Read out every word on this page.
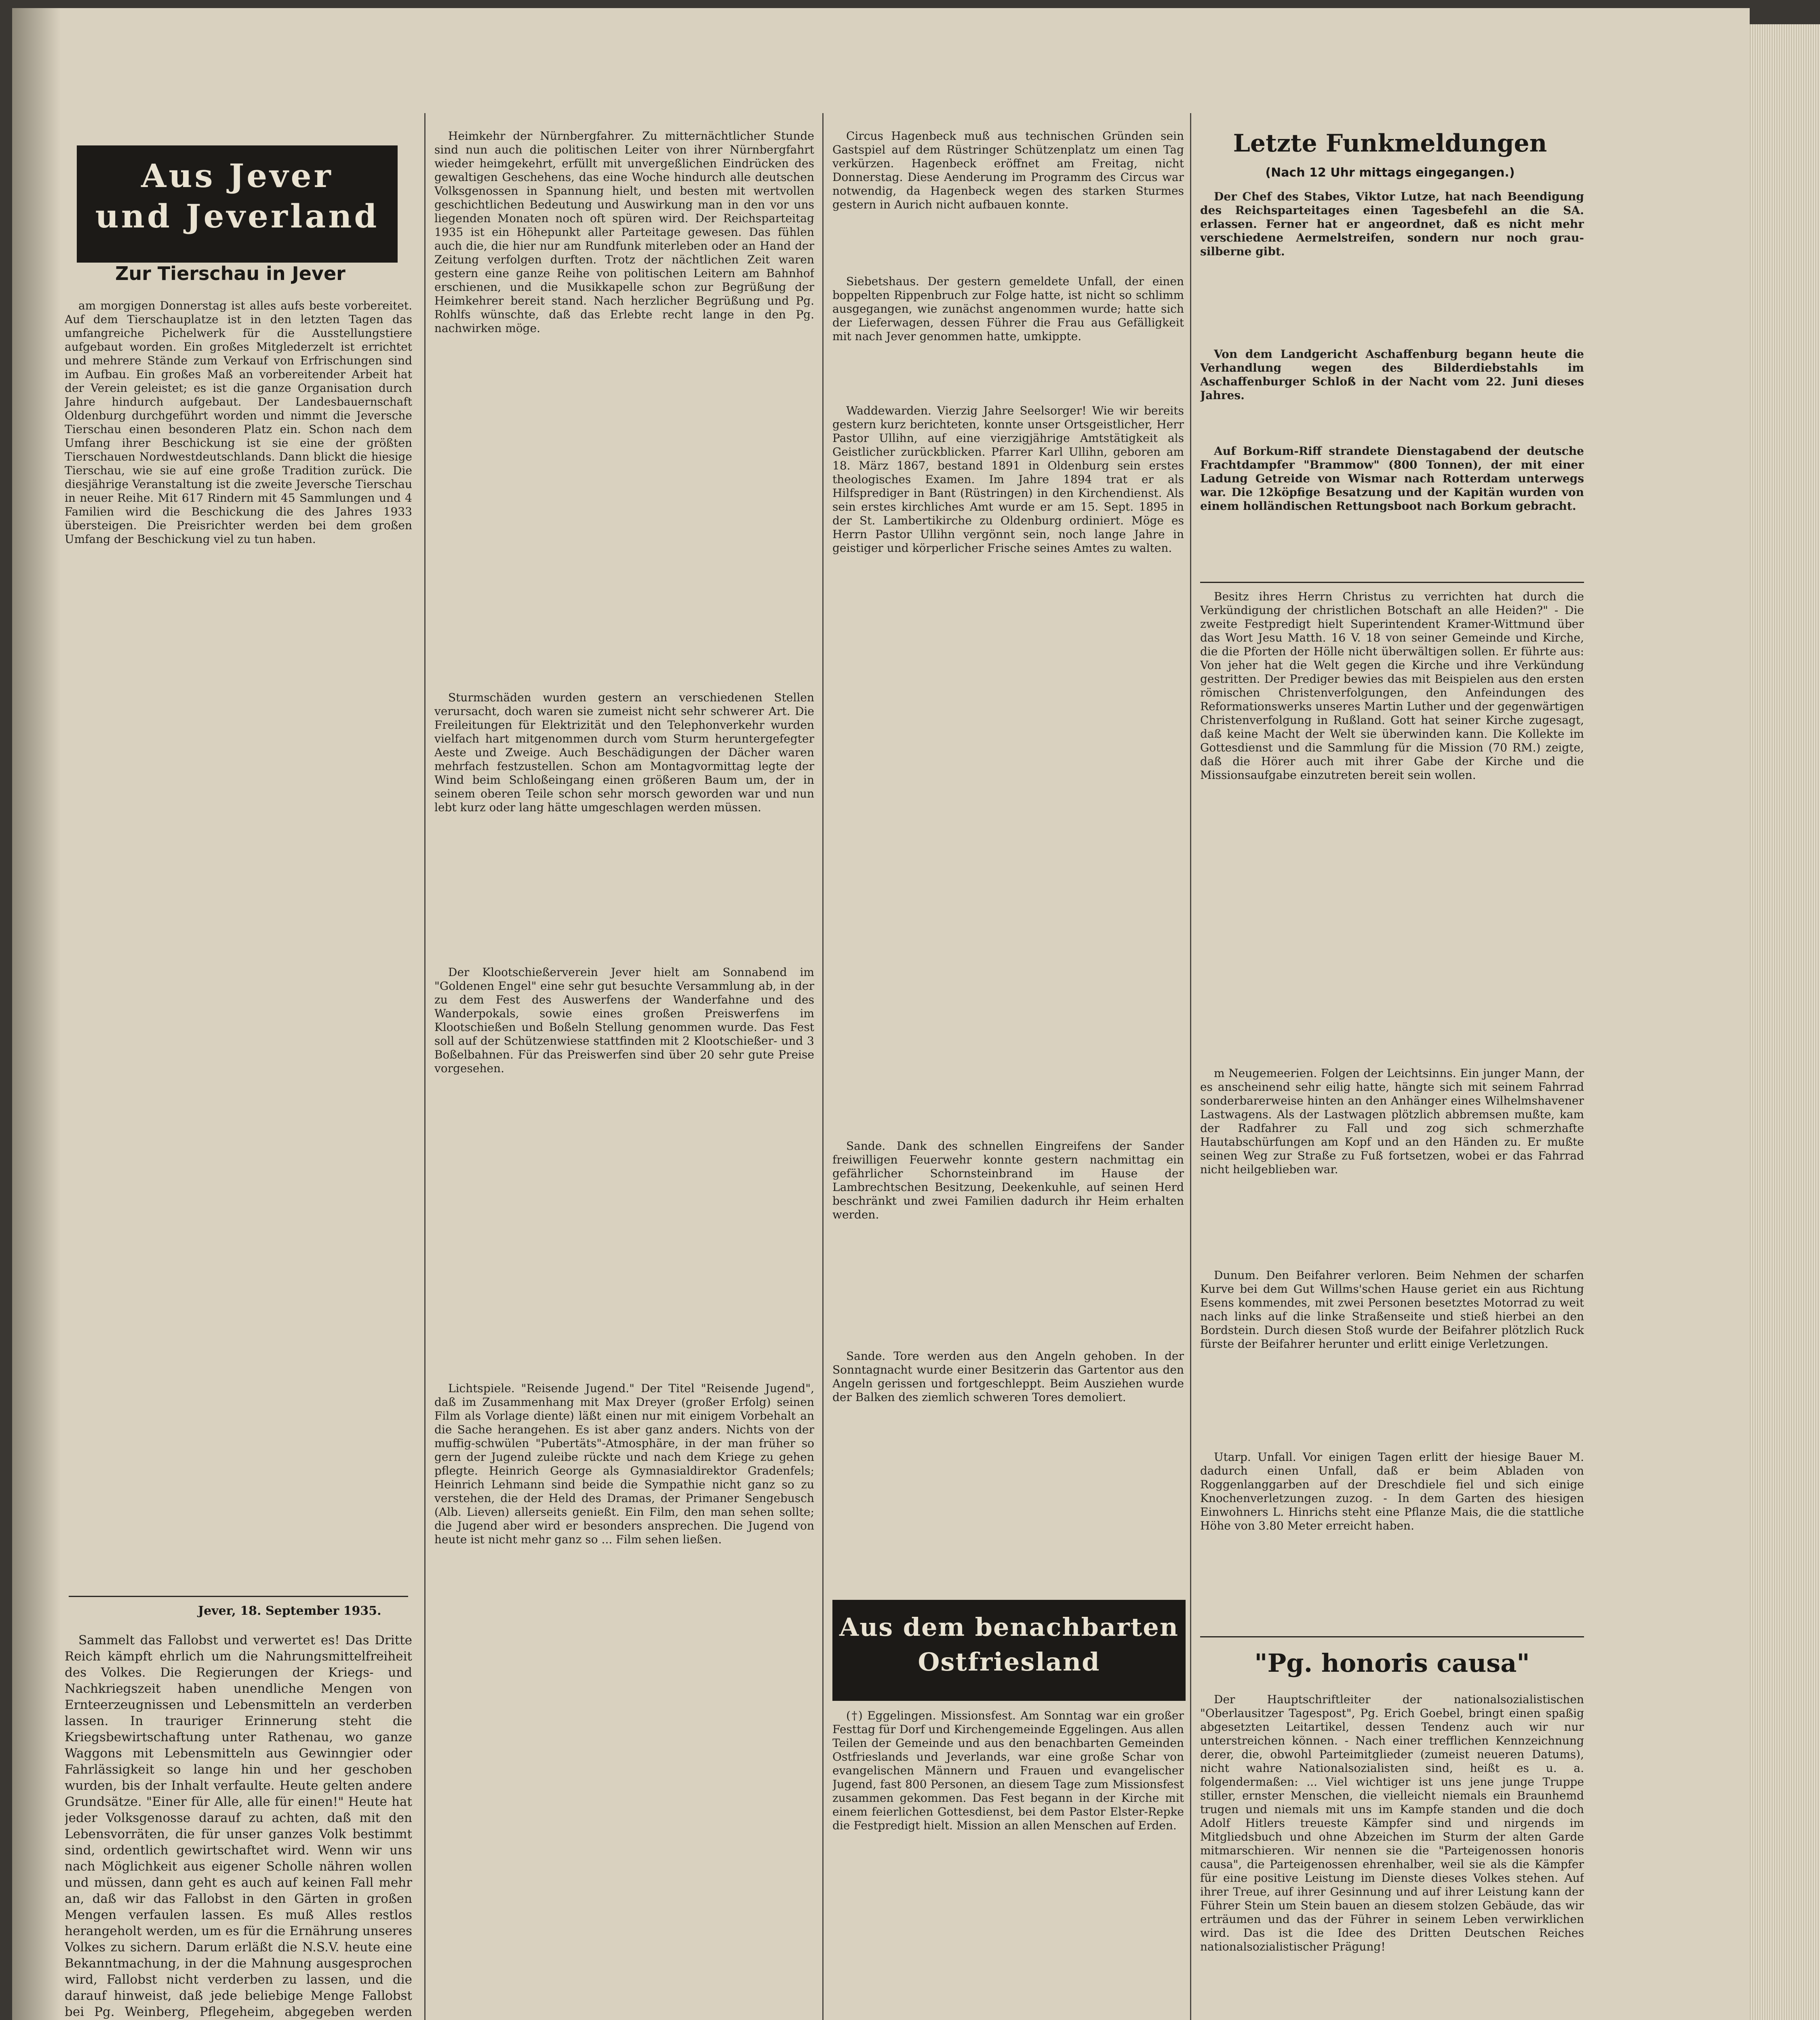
Aus Jever
und Jeverland
Zur Tierschau in Jever

am morgigen Donnerstag ist alles aufs beste vorbereitet. Auf dem Tierschauplatze ist in den letzten Tagen das umfangreiche Pichelwerk für die Ausstellungstiere aufgebaut worden. Ein großes Mitglederzelt ist errichtet und mehrere Stände zum Verkauf von Erfrischungen sind im Aufbau. Ein großes Maß an vorbereitender Arbeit hat der Verein geleistet; es ist die ganze Organisation durch Jahre hindurch aufgebaut. Der Landesbauernschaft Oldenburg durchgeführt worden und nimmt die Jeversche Tierschau einen besonderen Platz ein. Schon nach dem Umfang ihrer Beschickung ist sie eine der größten Tierschauen Nordwestdeutschlands. Dann blickt die hiesige Tierschau, wie sie auf eine große Tradition zurück. Die diesjährige Veranstaltung ist die zweite Jeversche Tierschau in neuer Reihe. Mit 617 Rindern mit 45 Sammlungen und 4 Familien wird die Beschickung die des Jahres 1933 übersteigen. Die Preisrichter werden bei dem großen Umfang der Beschickung viel zu tun haben.

Jever, 18. September 1935.

Sammelt das Fallobst und verwertet es! Das Dritte Reich kämpft ehrlich um die Nahrungsmittelfreiheit des Volkes. Die Regierungen der Kriegs- und Nachkriegszeit haben unendliche Mengen von Ernteerzeugnissen und Lebensmitteln an verderben lassen. In trauriger Erinnerung steht die Kriegsbewirtschaftung unter Rathenau, wo ganze Waggons mit Lebensmitteln aus Gewinngier oder Fahrlässigkeit so lange hin und her geschoben wurden, bis der Inhalt verfaulte. Heute gelten andere Grundsätze. "Einer für Alle, alle für einen!" Heute hat jeder Volksgenosse darauf zu achten, daß mit den Lebensvorräten, die für unser ganzes Volk bestimmt sind, ordentlich gewirtschaftet wird. Wenn wir uns nach Möglichkeit aus eigener Scholle nähren wollen und müssen, dann geht es auch auf keinen Fall mehr an, daß wir das Fallobst in den Gärten in großen Mengen verfaulen lassen. Es muß Alles restlos herangeholt werden, um es für die Ernährung unseres Volkes zu sichern. Darum erläßt die N.S.V. heute eine Bekanntmachung, in der die Mahnung ausgesprochen wird, Fallobst nicht verderben zu lassen, und die darauf hinweist, daß jede beliebige Menge Fallobst bei Pg. Weinberg, Pflegeheim, abgegeben werden

Heimkehr der Nürnbergfahrer. Zu mitternächtlicher Stunde sind nun auch die politischen Leiter von ihrer Nürnbergfahrt wieder heimgekehrt, erfüllt mit unvergeßlichen Eindrücken des gewaltigen Geschehens, das eine Woche hindurch alle deutschen Volksgenossen in Spannung hielt, und besten mit wertvollen geschichtlichen Bedeutung und Auswirkung man in den vor uns liegenden Monaten noch oft spüren wird. Der Reichsparteitag 1935 ist ein Höhepunkt aller Parteitage gewesen. Das fühlen auch die, die hier nur am Rundfunk miterleben oder an Hand der Zeitung verfolgen durften. Trotz der nächtlichen Zeit waren gestern eine ganze Reihe von politischen Leitern am Bahnhof erschienen, und die Musikkapelle schon zur Begrüßung der Heimkehrer bereit stand. Nach herzlicher Begrüßung und Pg. Rohlfs wünschte, daß das Erlebte recht lange in den Pg. nachwirken möge.

Sturmschäden wurden gestern an verschiedenen Stellen verursacht, doch waren sie zumeist nicht sehr schwerer Art. Die Freileitungen für Elektrizität und den Telephonverkehr wurden vielfach hart mitgenommen durch vom Sturm heruntergefegter Aeste und Zweige. Auch Beschädigungen der Dächer waren mehrfach festzustellen. Schon am Montagvormittag legte der Wind beim Schloßeingang einen größeren Baum um, der in seinem oberen Teile schon sehr morsch geworden war und nun lebt kurz oder lang hätte umgeschlagen werden müssen.

Der Klootschießerverein Jever hielt am Sonnabend im "Goldenen Engel" eine sehr gut besuchte Versammlung ab, in der zu dem Fest des Auswerfens der Wanderfahne und des Wanderpokals, sowie eines großen Preiswerfens im Klootschießen und Boßeln Stellung genommen wurde. Das Fest soll auf der Schützenwiese stattfinden mit 2 Klootschießer- und 3 Boßelbahnen. Für das Preiswerfen sind über 20 sehr gute Preise vorgesehen.

Lichtspiele. "Reisende Jugend." Der Titel "Reisende Jugend", daß im Zusammenhang mit Max Dreyer (großer Erfolg) seinen Film als Vorlage diente) läßt einen nur mit einigem Vorbehalt an die Sache herangehen. Es ist aber ganz anders. Nichts von der muffig-schwülen "Pubertäts"-Atmosphäre, in der man früher so gern der Jugend zuleibe rückte und nach dem Kriege zu gehen pflegte. Heinrich George als Gymnasialdirektor Gradenfels; Heinrich Lehmann sind beide die Sympathie nicht ganz so zu verstehen, die der Held des Dramas, der Primaner Sengebusch (Alb. Lieven) allerseits genießt. Ein Film, den man sehen sollte; die Jugend aber wird er besonders ansprechen. Die Jugend von heute ist nicht mehr ganz so ... Film sehen ließen.

Circus Hagenbeck muß aus technischen Gründen sein Gastspiel auf dem Rüstringer Schützenplatz um einen Tag verkürzen. Hagenbeck eröffnet am Freitag, nicht Donnerstag. Diese Aenderung im Programm des Circus war notwendig, da Hagenbeck wegen des starken Sturmes gestern in Aurich nicht aufbauen konnte.

Siebetshaus. Der gestern gemeldete Unfall, der einen boppelten Rippenbruch zur Folge hatte, ist nicht so schlimm ausgegangen, wie zunächst angenommen wurde; hatte sich der Lieferwagen, dessen Führer die Frau aus Gefälligkeit mit nach Jever genommen hatte, umkippte.

Waddewarden. Vierzig Jahre Seelsorger! Wie wir bereits gestern kurz berichteten, konnte unser Ortsgeistlicher, Herr Pastor Ullihn, auf eine vierzigjährige Amtstätigkeit als Geistlicher zurückblicken. Pfarrer Karl Ullihn, geboren am 18. März 1867, bestand 1891 in Oldenburg sein erstes theologisches Examen. Im Jahre 1894 trat er als Hilfsprediger in Bant (Rüstringen) in den Kirchendienst. Als sein erstes kirchliches Amt wurde er am 15. Sept. 1895 in der St. Lambertikirche zu Oldenburg ordiniert. Möge es Herrn Pastor Ullihn vergönnt sein, noch lange Jahre in geistiger und körperlicher Frische seines Amtes zu walten.

Sande. Dank des schnellen Eingreifens der Sander freiwilligen Feuerwehr konnte gestern nachmittag ein gefährlicher Schornsteinbrand im Hause der Lambrechtschen Besitzung, Deekenkuhle, auf seinen Herd beschränkt und zwei Familien dadurch ihr Heim erhalten werden.

Sande. Tore werden aus den Angeln gehoben. In der Sonntagnacht wurde einer Besitzerin das Gartentor aus den Angeln gerissen und fortgeschleppt. Beim Ausziehen wurde der Balken des ziemlich schweren Tores demoliert.

Aus dem benachbarten
Ostfriesland

(†) Eggelingen. Missionsfest. Am Sonntag war ein großer Festtag für Dorf und Kirchengemeinde Eggelingen. Aus allen Teilen der Gemeinde und aus den benachbarten Gemeinden Ostfrieslands und Jeverlands, war eine große Schar von evangelischen Männern und Frauen und evangelischer Jugend, fast 800 Personen, an diesem Tage zum Missionsfest zusammen gekommen. Das Fest begann in der Kirche mit einem feierlichen Gottesdienst, bei dem Pastor Elster-Repke die Festpredigt hielt. Mission an allen Menschen auf Erden.

Letzte Funkmeldungen
(Nach 12 Uhr mittags eingegangen.)

Der Chef des Stabes, Viktor Lutze, hat nach Beendigung des Reichsparteitages einen Tagesbefehl an die SA. erlassen. Ferner hat er angeordnet, daß es nicht mehr verschiedene Aermelstreifen, sondern nur noch grau-silberne gibt.

Von dem Landgericht Aschaffenburg begann heute die Verhandlung wegen des Bilderdiebstahls im Aschaffenburger Schloß in der Nacht vom 22. Juni dieses Jahres.

Auf Borkum-Riff strandete Dienstagabend der deutsche Frachtdampfer "Brammow" (800 Tonnen), der mit einer Ladung Getreide von Wismar nach Rotterdam unterwegs war. Die 12köpfige Besatzung und der Kapitän wurden von einem holländischen Rettungsboot nach Borkum gebracht.

Besitz ihres Herrn Christus zu verrichten hat durch die Verkündigung der christlichen Botschaft an alle Heiden?" - Die zweite Festpredigt hielt Superintendent Kramer-Wittmund über das Wort Jesu Matth. 16 V. 18 von seiner Gemeinde und Kirche, die die Pforten der Hölle nicht überwältigen sollen. Er führte aus: Von jeher hat die Welt gegen die Kirche und ihre Verkündung gestritten. Der Prediger bewies das mit Beispielen aus den ersten römischen Christenverfolgungen, den Anfeindungen des Reformationswerks unseres Martin Luther und der gegenwärtigen Christenverfolgung in Rußland. Gott hat seiner Kirche zugesagt, daß keine Macht der Welt sie überwinden kann. Die Kollekte im Gottesdienst und die Sammlung für die Mission (70 RM.) zeigte, daß die Hörer auch mit ihrer Gabe der Kirche und die Missionsaufgabe einzutreten bereit sein wollen.

m Neugemeerien. Folgen der Leichtsinns. Ein junger Mann, der es anscheinend sehr eilig hatte, hängte sich mit seinem Fahrrad sonderbarerweise hinten an den Anhänger eines Wilhelmshavener Lastwagens. Als der Lastwagen plötzlich abbremsen mußte, kam der Radfahrer zu Fall und zog sich schmerzhafte Hautabschürfungen am Kopf und an den Händen zu. Er mußte seinen Weg zur Straße zu Fuß fortsetzen, wobei er das Fahrrad nicht heilgeblieben war.

Dunum. Den Beifahrer verloren. Beim Nehmen der scharfen Kurve bei dem Gut Willms'schen Hause geriet ein aus Richtung Esens kommendes, mit zwei Personen besetztes Motorrad zu weit nach links auf die linke Straßenseite und stieß hierbei an den Bordstein. Durch diesen Stoß wurde der Beifahrer plötzlich Ruck fürste der Beifahrer herunter und erlitt einige Verletzungen.

Utarp. Unfall. Vor einigen Tagen erlitt der hiesige Bauer M. dadurch einen Unfall, daß er beim Abladen von Roggenlanggarben auf der Dreschdiele fiel und sich einige Knochenverletzungen zuzog. - In dem Garten des hiesigen Einwohners L. Hinrichs steht eine Pflanze Mais, die die stattliche Höhe von 3.80 Meter erreicht haben.

"Pg. honoris causa"

Der Hauptschriftleiter der nationalsozialistischen "Oberlausitzer Tagespost", Pg. Erich Goebel, bringt einen spaßig abgesetzten Leitartikel, dessen Tendenz auch wir nur unterstreichen können. - Nach einer trefflichen Kennzeichnung derer, die, obwohl Parteimitglieder (zumeist neueren Datums), nicht wahre Nationalsozialisten sind, heißt es u. a. folgendermaßen: ... Viel wichtiger ist uns jene junge Truppe stiller, ernster Menschen, die vielleicht niemals ein Braunhemd trugen und niemals mit uns im Kampfe standen und die doch Adolf Hitlers treueste Kämpfer sind und nirgends im Mitgliedsbuch und ohne Abzeichen im Sturm der alten Garde mitmarschieren. Wir nennen sie die "Parteigenossen honoris causa", die Parteigenossen ehrenhalber, weil sie als die Kämpfer für eine positive Leistung im Dienste dieses Volkes stehen. Auf ihrer Treue, auf ihrer Gesinnung und auf ihrer Leistung kann der Führer Stein um Stein bauen an diesem stolzen Gebäude, das wir erträumen und das der Führer in seinem Leben verwirklichen wird. Das ist die Idee des Dritten Deutschen Reiches nationalsozialistischer Prägung!
